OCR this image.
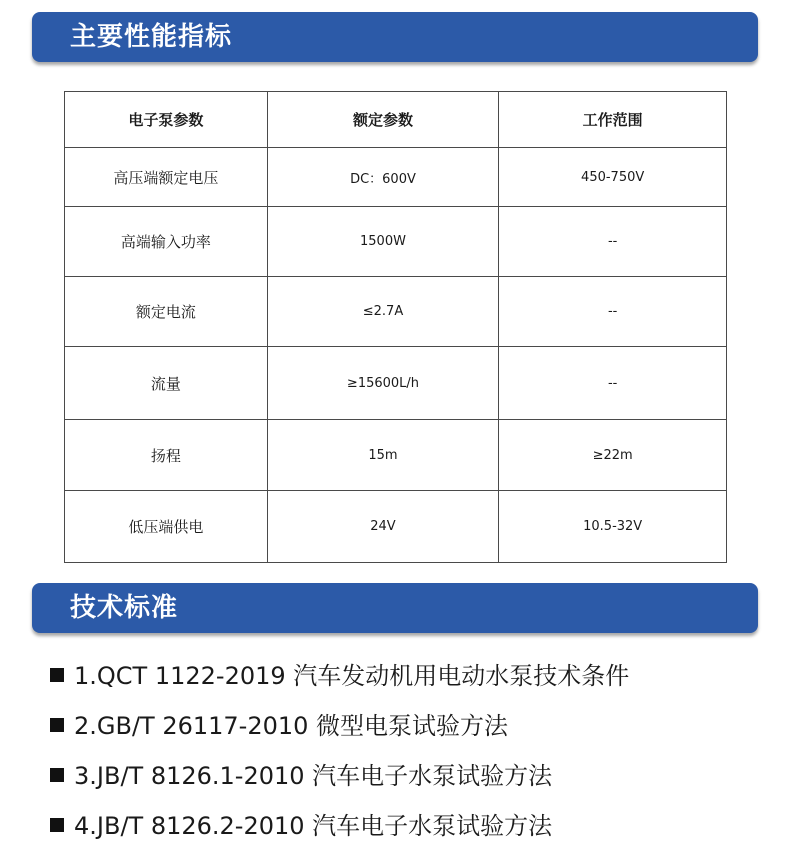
主要性能指标
电子泵参数	额定参数	工作范围
高压端额定电压	DC：600V	450-750V
高端输入功率	1500W	--
额定电流	≤2.7A	--
流量	≥15600L/h	--
扬程	15m	≥22m
低压端供电	24V	10.5-32V
技术标准
1.QCT 1122-2019 汽车发动机用电动水泵技术条件
2.GB/T 26117-2010 微型电泵试验方法
3.JB/T 8126.1-2010 汽车电子水泵试验方法
4.JB/T 8126.2-2010 汽车电子水泵试验方法
